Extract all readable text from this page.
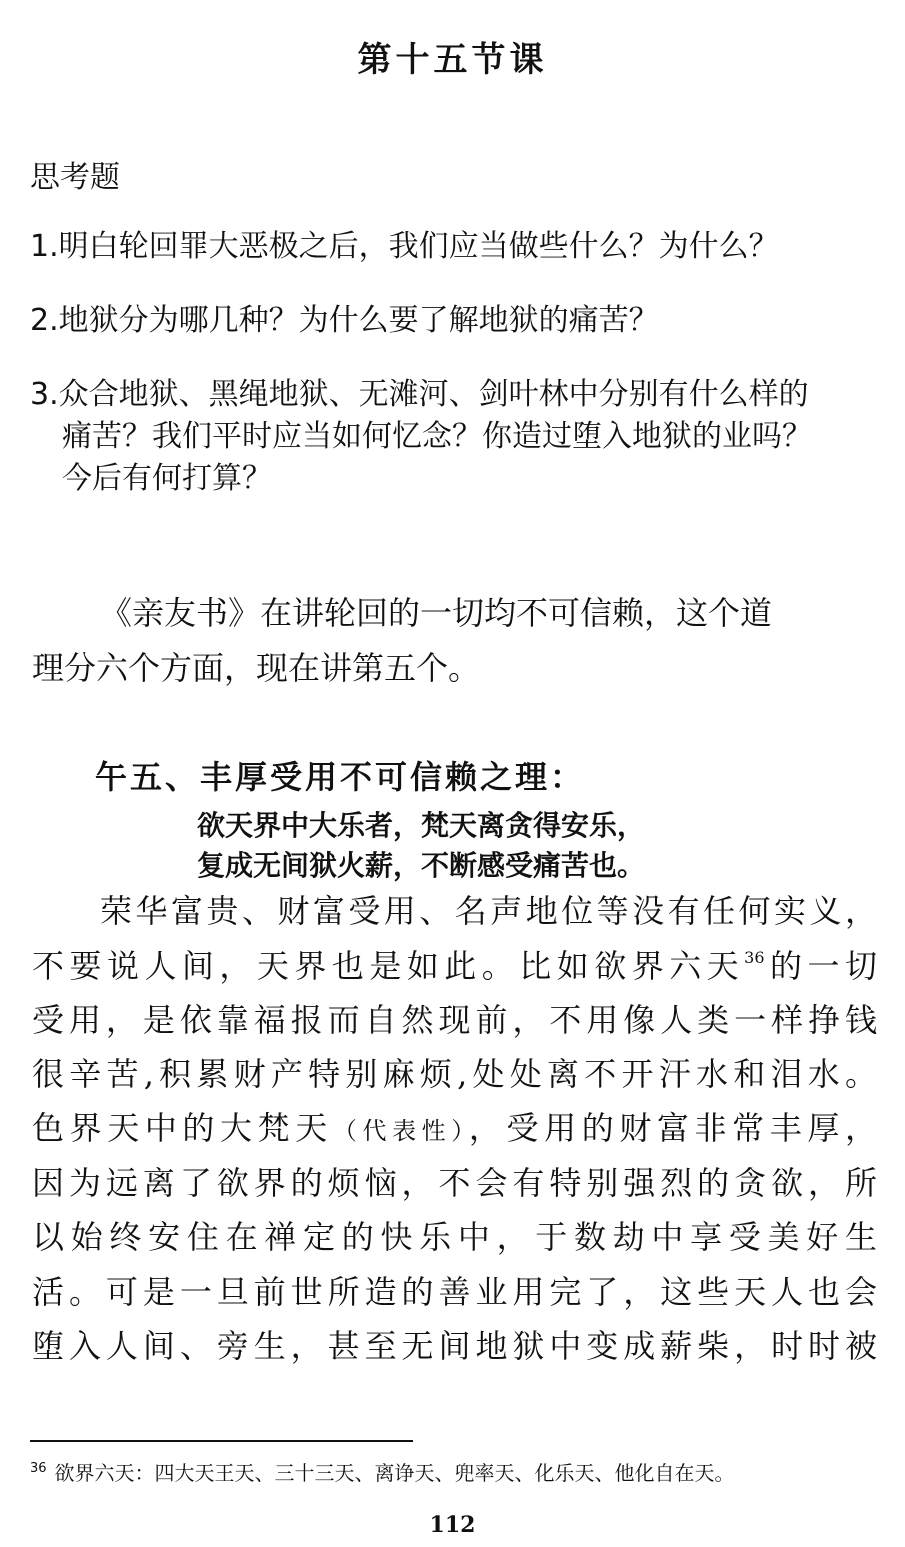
第十五节课
思考题
1.明白轮回罪大恶极之后，我们应当做些什么？为什么？
2.地狱分为哪几种？为什么要了解地狱的痛苦？
3.众合地狱、黑绳地狱、无滩河、剑叶林中分别有什么样的
痛苦？我们平时应当如何忆念？你造过堕入地狱的业吗？
今后有何打算？
《亲友书》在讲轮回的一切均不可信赖，这个道
理分六个方面，现在讲第五个。
午五、丰厚受用不可信赖之理：
欲天界中大乐者，梵天离贪得安乐，
复成无间狱火薪，不断感受痛苦也。
荣华富贵、财富受用、名声地位等没有任何实义，
不要说人间，天界也是如此。比如欲界六天$^{36}$的一切
受用，是依靠福报而自然现前，不用像人类一样挣钱
很辛苦,积累财产特别麻烦,处处离不开汗水和泪水。
色界天中的大梵天（代表性），受用的财富非常丰厚，
因为远离了欲界的烦恼，不会有特别强烈的贪欲，所
以始终安住在禅定的快乐中，于数劫中享受美好生
活。可是一旦前世所造的善业用完了，这些天人也会
堕入人间、旁生，甚至无间地狱中变成薪柴，时时被
$^{36}$ 欲界六天：四大天王天、三十三天、离诤天、兜率天、化乐天、他化自在天。
112
